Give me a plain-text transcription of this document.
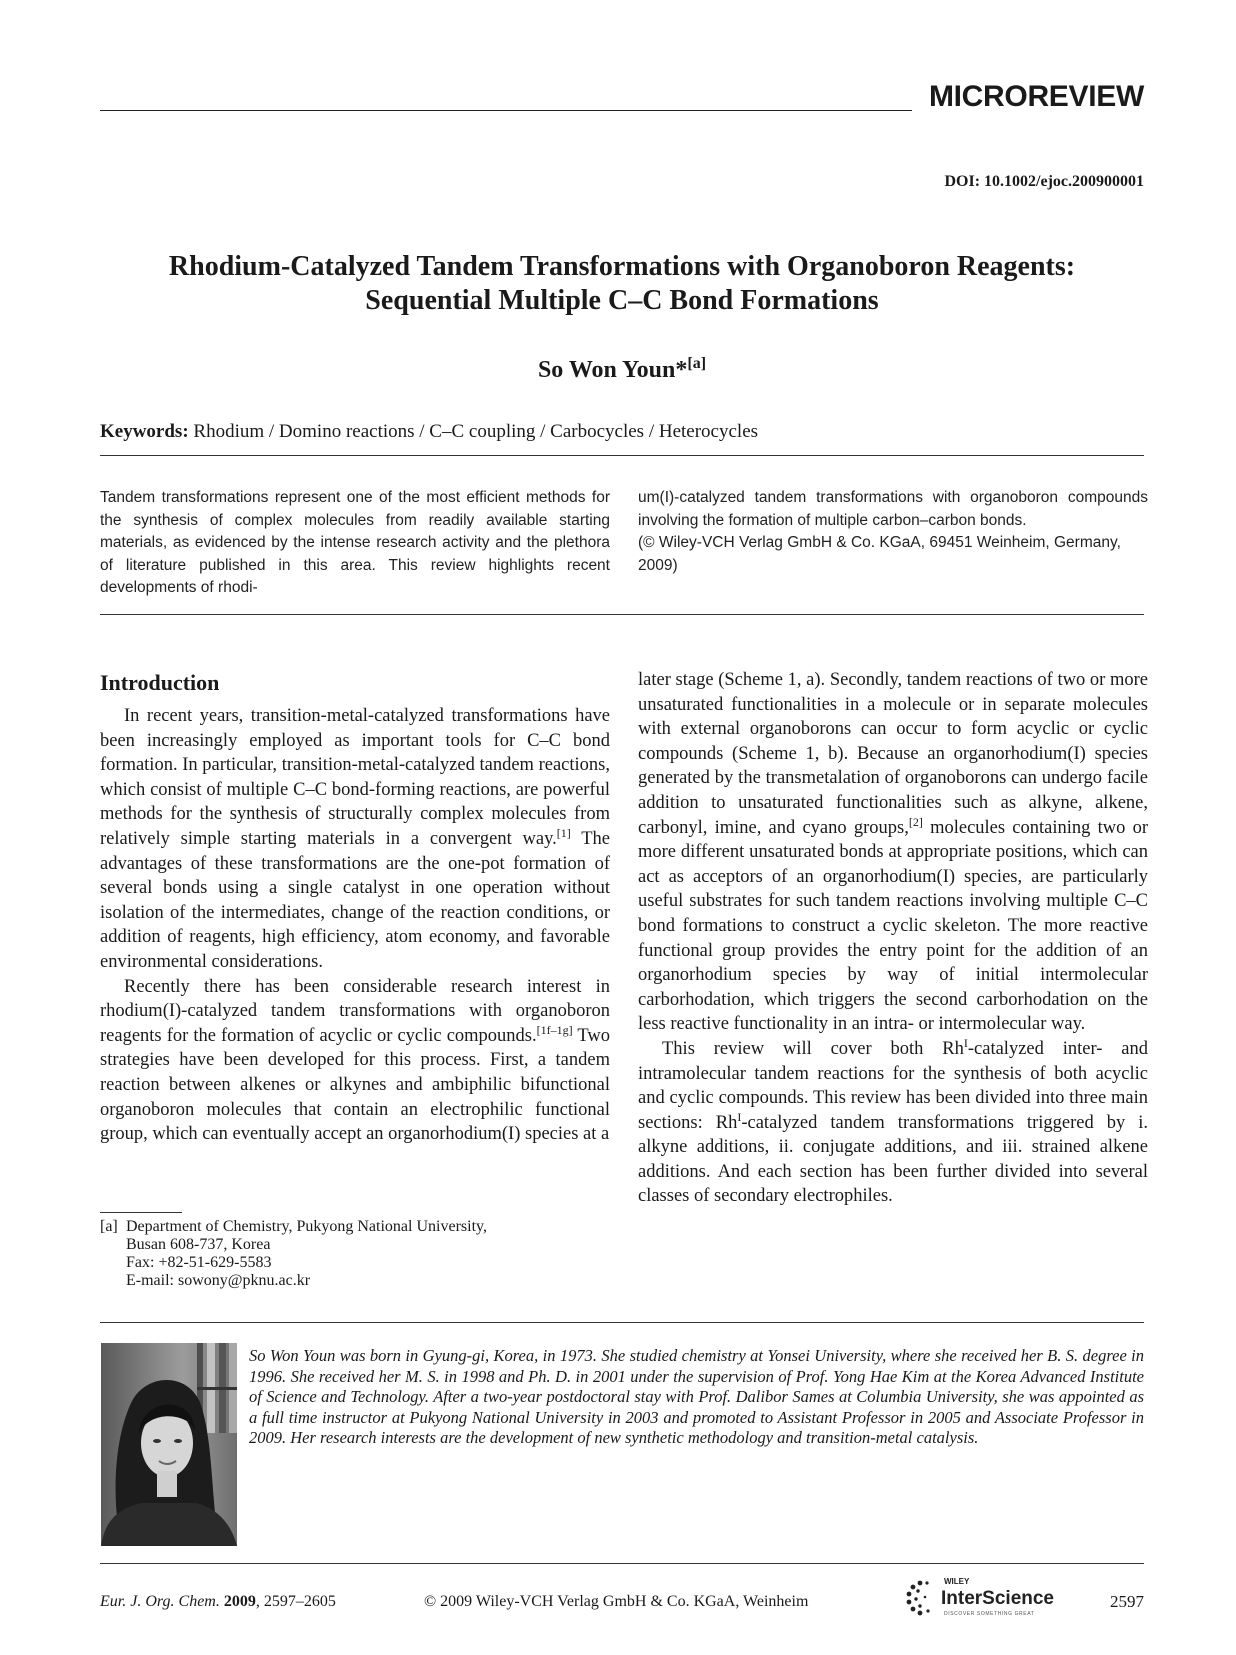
MICROREVIEW
DOI: 10.1002/ejoc.200900001
Rhodium-Catalyzed Tandem Transformations with Organoboron Reagents:
Sequential Multiple C–C Bond Formations
So Won Youn*[a]
Keywords: Rhodium / Domino reactions / C–C coupling / Carbocycles / Heterocycles

Tandem transformations represent one of the most efficient methods for the synthesis of complex molecules from readily available starting materials, as evidenced by the intense research activity and the plethora of literature published in this area. This review highlights recent developments of rhodi-

um(I)-catalyzed tandem transformations with organoboron compounds involving the formation of multiple carbon–carbon bonds.

(© Wiley-VCH Verlag GmbH & Co. KGaA, 69451 Weinheim, Germany, 2009)

Introduction

In recent years, transition-metal-catalyzed transformations have been increasingly employed as important tools for C–C bond formation. In particular, transition-metal-catalyzed tandem reactions, which consist of multiple C–C bond-forming reactions, are powerful methods for the synthesis of structurally complex molecules from relatively simple starting materials in a convergent way.[1] The advantages of these transformations are the one-pot formation of several bonds using a single catalyst in one operation without isolation of the intermediates, change of the reaction conditions, or addition of reagents, high efficiency, atom economy, and favorable environmental considerations.

Recently there has been considerable research interest in rhodium(I)-catalyzed tandem transformations with organoboron reagents for the formation of acyclic or cyclic compounds.[1f–1g] Two strategies have been developed for this process. First, a tandem reaction between alkenes or alkynes and ambiphilic bifunctional organoboron molecules that contain an electrophilic functional group, which can eventually accept an organorhodium(I) species at a

later stage (Scheme 1, a). Secondly, tandem reactions of two or more unsaturated functionalities in a molecule or in separate molecules with external organoborons can occur to form acyclic or cyclic compounds (Scheme 1, b). Because an organorhodium(I) species generated by the transmetalation of organoborons can undergo facile addition to unsaturated functionalities such as alkyne, alkene, carbonyl, imine, and cyano groups,[2] molecules containing two or more different unsaturated bonds at appropriate positions, which can act as acceptors of an organorhodium(I) species, are particularly useful substrates for such tandem reactions involving multiple C–C bond formations to construct a cyclic skeleton. The more reactive functional group provides the entry point for the addition of an organorhodium species by way of initial intermolecular carborhodation, which triggers the second carborhodation on the less reactive functionality in an intra- or intermolecular way.

This review will cover both $Rh^I$-catalyzed inter- and intramolecular tandem reactions for the synthesis of both acyclic and cyclic compounds. This review has been divided into three main sections: $Rh^I$-catalyzed tandem transformations triggered by i. alkyne additions, ii. conjugate additions, and iii. strained alkene additions. And each section has been further divided into several classes of secondary electrophiles.

[a] Department of Chemistry, Pukyong National University,
Busan 608-737, Korea
Fax: +82-51-629-5583
E-mail: sowony@pknu.ac.kr
So Won Youn was born in Gyung-gi, Korea, in 1973. She studied chemistry at Yonsei University, where she received her B. S. degree in 1996. She received her M. S. in 1998 and Ph. D. in 2001 under the supervision of Prof. Yong Hae Kim at the Korea Advanced Institute of Science and Technology. After a two-year postdoctoral stay with Prof. Dalibor Sames at Columbia University, she was appointed as a full time instructor at Pukyong National University in 2003 and promoted to Assistant Professor in 2005 and Associate Professor in 2009. Her research interests are the development of new synthetic methodology and transition-metal catalysis.
Eur. J. Org. Chem. 2009, 2597–2605	© 2009 Wiley-VCH Verlag GmbH & Co. KGaA, Weinheim
WILEY
InterScience
DISCOVER SOMETHING GREAT
2597
